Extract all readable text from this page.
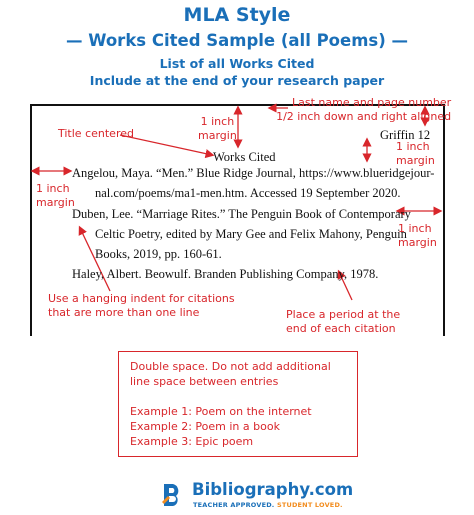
MLA Style
— Works Cited Sample (all Poems) —
List of all Works Cited
Include at the end of your research paper
Griffin 12
Works Cited
Angelou, Maya. “Men.” Blue Ridge Journal, https://www.blueridgejour-
nal.com/poems/ma1-men.htm. Accessed 19 September 2020.
Duben, Lee. “Marriage Rites.” The Penguin Book of Contemporary
Celtic Poetry, edited by Mary Gee and Felix Mahony, Penguin
Books, 2019, pp. 160-61.
Haley, Albert. Beowulf. Branden Publishing Company, 1978.
Last name and page number
1/2 inch down and right aligned
1 inch
margin
Title centered
1 inch
margin
1 inch
margin
1 inch
margin
Use a hanging indent for citations
that are more than one line	Place a period at the
end of each citation
Double space. Do not add additional
line space between entries
Example 1: Poem on the internet
Example 2: Poem in a book
Example 3: Epic poem
Bibliography.com
TEACHER APPROVED. STUDENT LOVED.
